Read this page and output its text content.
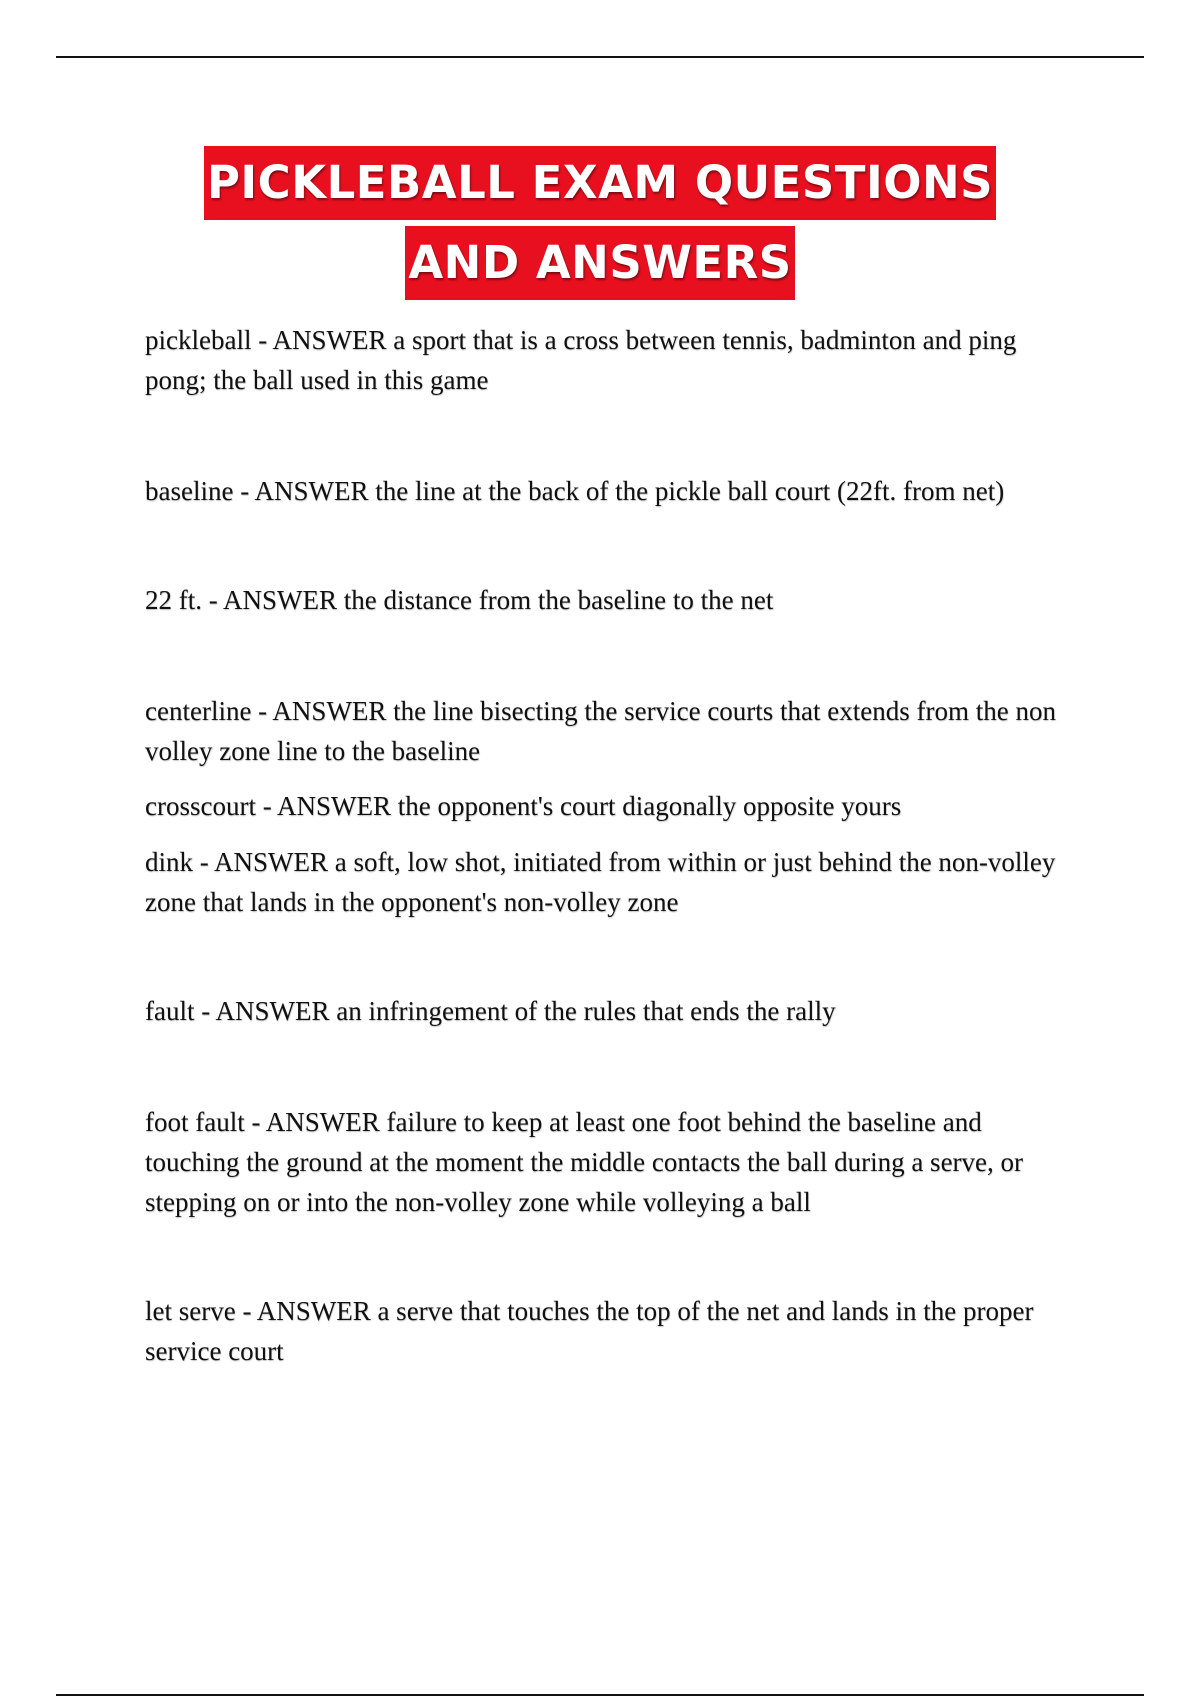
PICKLEBALL EXAM QUESTIONS
AND ANSWERS

pickleball - ANSWER a sport that is a cross between tennis, badminton and ping pong; the ball used in this game

baseline - ANSWER the line at the back of the pickle ball court (22ft. from net)

22 ft. - ANSWER the distance from the baseline to the net

centerline - ANSWER the line bisecting the service courts that extends from the non volley zone line to the baseline

crosscourt - ANSWER the opponent's court diagonally opposite yours

dink - ANSWER a soft, low shot, initiated from within or just behind the non-volley zone that lands in the opponent's non-volley zone

fault - ANSWER an infringement of the rules that ends the rally

foot fault - ANSWER failure to keep at least one foot behind the baseline and touching the ground at the moment the middle contacts the ball during a serve, or stepping on or into the non-volley zone while volleying a ball

let serve - ANSWER a serve that touches the top of the net and lands in the proper service court
